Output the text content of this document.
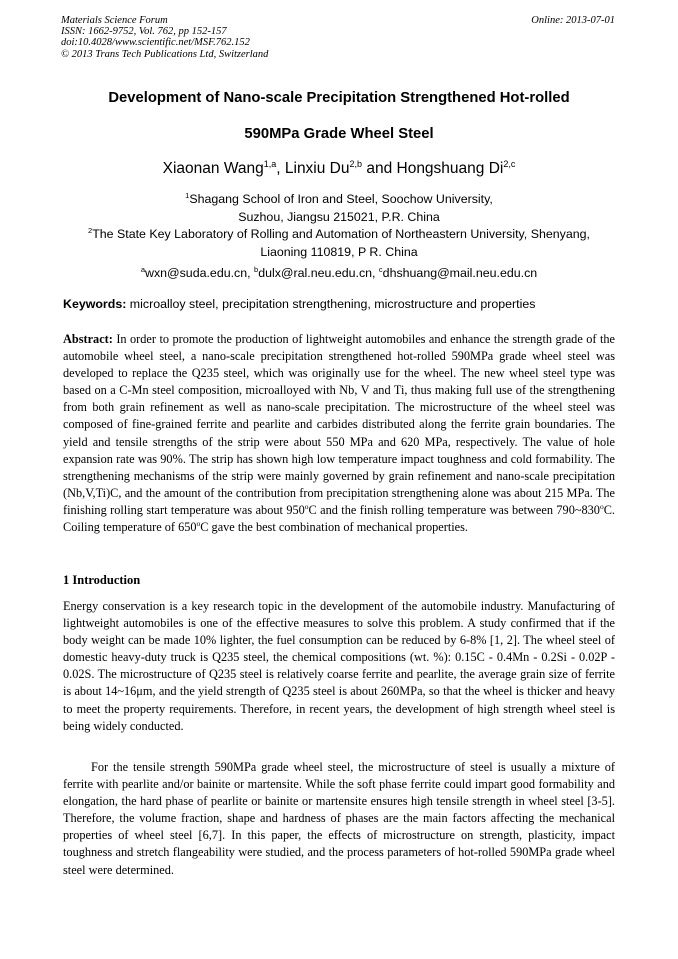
Materials Science Forum
ISSN: 1662-9752, Vol. 762, pp 152-157
doi:10.4028/www.scientific.net/MSF.762.152
© 2013 Trans Tech Publications Ltd, Switzerland
Online: 2013-07-01
Development of Nano-scale Precipitation Strengthened Hot-rolled
590MPa Grade Wheel Steel
Xiaonan Wang$^{1,a}$, Linxiu Du$^{2,b}$ and Hongshuang Di$^{2,c}$
$^1$Shagang School of Iron and Steel, Soochow University,
Suzhou, Jiangsu 215021, P.R. China
$^2$The State Key Laboratory of Rolling and Automation of Northeastern University, Shenyang,
Liaoning 110819, P R. China
$^a$wxn@suda.edu.cn, $^b$dulx@ral.neu.edu.cn, $^c$dhshuang@mail.neu.edu.cn
Keywords: microalloy steel, precipitation strengthening, microstructure and properties
Abstract: In order to promote the production of lightweight automobiles and enhance the strength grade of the automobile wheel steel, a nano-scale precipitation strengthened hot-rolled 590MPa grade wheel steel was developed to replace the Q235 steel, which was originally use for the wheel. The new wheel steel type was based on a C-Mn steel composition, microalloyed with Nb, V and Ti, thus making full use of the strengthening from both grain refinement as well as nano-scale precipitation. The microstructure of the wheel steel was composed of fine-grained ferrite and pearlite and carbides distributed along the ferrite grain boundaries. The yield and tensile strengths of the strip were about 550 MPa and 620 MPa, respectively. The value of hole expansion rate was 90%. The strip has shown high low temperature impact toughness and cold formability. The strengthening mechanisms of the strip were mainly governed by grain refinement and nano-scale precipitation (Nb,V,Ti)C, and the amount of the contribution from precipitation strengthening alone was about 215 MPa. The finishing rolling start temperature was about 950$^o$C and the finish rolling temperature was between 790~830$^o$C. Coiling temperature of 650$^o$C gave the best combination of mechanical properties.
1 Introduction
Energy conservation is a key research topic in the development of the automobile industry. Manufacturing of lightweight automobiles is one of the effective measures to solve this problem. A study confirmed that if the body weight can be made 10% lighter, the fuel consumption can be reduced by 6-8% [1, 2]. The wheel steel of domestic heavy-duty truck is Q235 steel, the chemical compositions (wt. %): 0.15C - 0.4Mn - 0.2Si - 0.02P - 0.02S. The microstructure of Q235 steel is relatively coarse ferrite and pearlite, the average grain size of ferrite is about 14~16μm, and the yield strength of Q235 steel is about 260MPa, so that the wheel is thicker and heavy to meet the property requirements. Therefore, in recent years, the development of high strength wheel steel is being widely conducted.
For the tensile strength 590MPa grade wheel steel, the microstructure of steel is usually a mixture of ferrite with pearlite and/or bainite or martensite. While the soft phase ferrite could impart good formability and elongation, the hard phase of pearlite or bainite or martensite ensures high tensile strength in wheel steel [3-5]. Therefore, the volume fraction, shape and hardness of phases are the main factors affecting the mechanical properties of wheel steel [6,7]. In this paper, the effects of microstructure on strength, plasticity, impact toughness and stretch flangeability were studied, and the process parameters of hot-rolled 590MPa grade wheel steel were determined.
